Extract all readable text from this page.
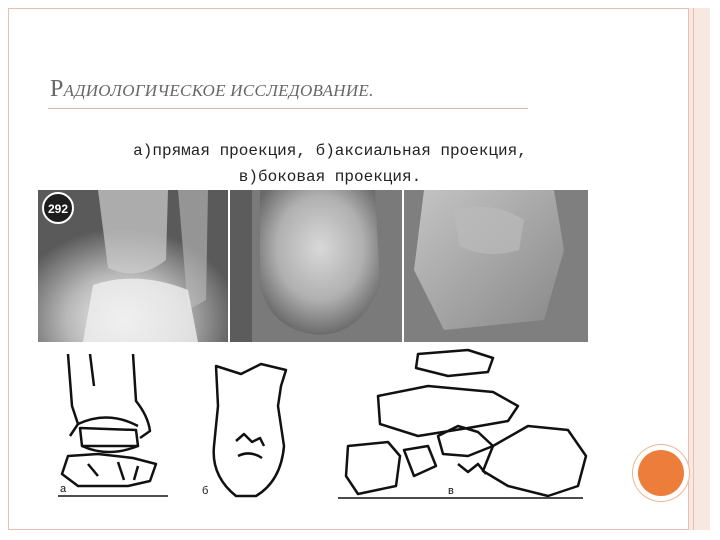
РАДИОЛОГИЧЕСКОЕ ИССЛЕДОВАНИЕ.
а)прямая проекция, б)аксиальная проекция,
в)боковая проекция.
292
a	б	в
